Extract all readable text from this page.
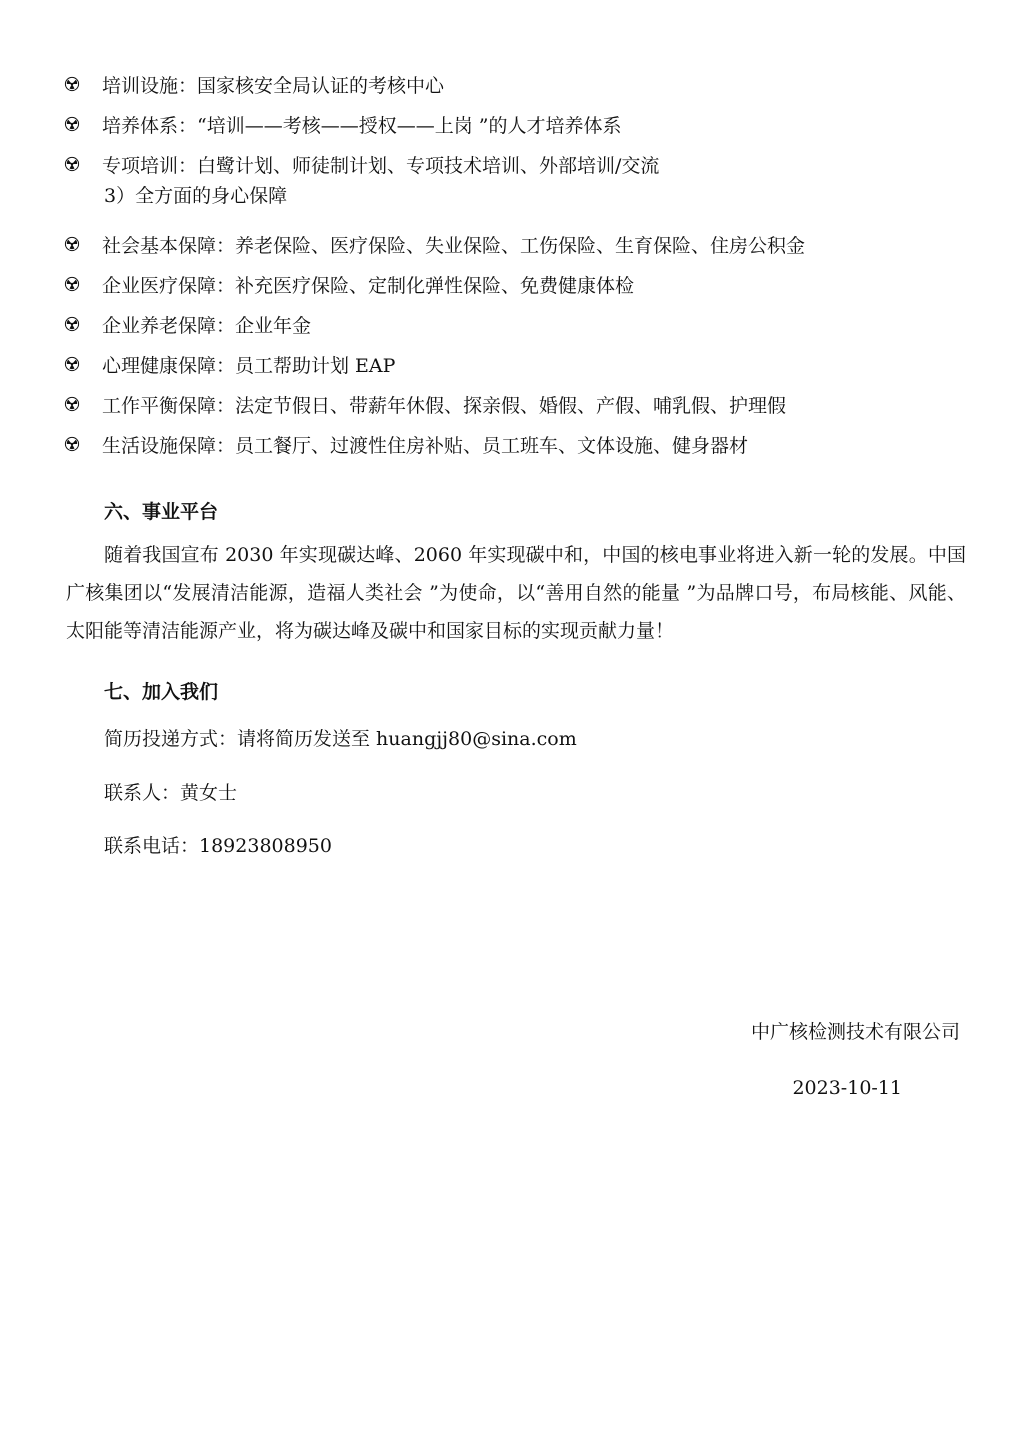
培训设施：国家核安全局认证的考核中心
培养体系：“培训——考核——授权——上岗 ”的人才培养体系
专项培训：白鹭计划、师徒制计划、专项技术培训、外部培训/交流
3）全方面的身心保障
社会基本保障：养老保险、医疗保险、失业保险、工伤保险、生育保险、住房公积金
企业医疗保障：补充医疗保险、定制化弹性保险、免费健康体检
企业养老保障：企业年金
心理健康保障：员工帮助计划 EAP
工作平衡保障：法定节假日、带薪年休假、探亲假、婚假、产假、哺乳假、护理假
生活设施保障：员工餐厅、过渡性住房补贴、员工班车、文体设施、健身器材
六、事业平台
随着我国宣布 2030 年实现碳达峰、2060 年实现碳中和，中国的核电事业将进入新一轮的发展。中国广核集团以“发展清洁能源，造福人类社会 ”为使命，以“善用自然的能量 ”为品牌口号，布局核能、风能、太阳能等清洁能源产业，将为碳达峰及碳中和国家目标的实现贡献力量！
七、加入我们
简历投递方式：请将简历发送至 huangjj80@sina.com
联系人：黄女士
联系电话：18923808950
中广核检测技术有限公司
2023-10-11
